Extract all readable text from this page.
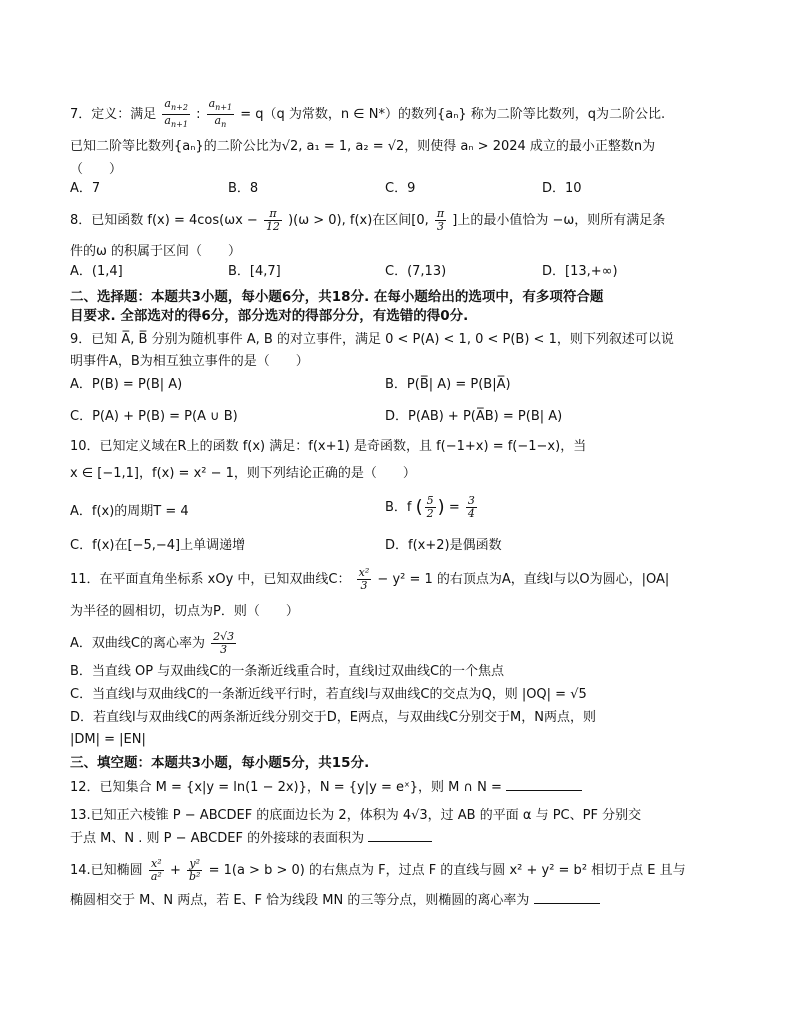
7．定义：满足 $\frac{a_{n+2}}{a_{n+1}}$ : $\frac{a_{n+1}}{a_n} = q(q$ 为常数，n ∈ N*）的数列{aₙ} 称为二阶等比数列，q为二阶公比.
已知二阶等比数列{aₙ}的二阶公比为√2, a₁ = 1, a₂ = √2，则使得 aₙ > 2024 成立的最小正整数n为
（　　）
A．7	B．8	C．9	D．10
8．已知函数 $f(x) = 4\cos(\omega x - \frac{\pi}{12} )(\omega > 0)$, f(x)在区间[0, $\frac{\pi}{3}$ ]上的最小值恰为 −ω，则所有满足条
件的ω 的积属于区间（　　）
A．(1,4]	B．[4,7]	C．(7,13)	D．[13,+∞)
二、选择题：本题共3小题，每小题6分，共18分. 在每小题给出的选项中，有多项符合题
目要求. 全部选对的得6分，部分选对的得部分分，有选错的得0分.
9．已知 A̅, B̅ 分别为随机事件 A, B 的对立事件，满足 0 < P(A) < 1, 0 < P(B) < 1，则下列叙述可以说
明事件A，B为相互独立事件的是（　　）
A．P(B) = P(B| A)	B．P(B̅| A) = P(B|A̅)
C．P(A) + P(B) = P(A ∪ B)	D．P(AB) + P(A̅B) = P(B| A)
10．已知定义域在R上的函数 f(x) 满足：f(x+1) 是奇函数，且 f(−1+x) = f(−1−x)，当
x ∈ [−1,1]，f(x) = x² − 1，则下列结论正确的是（　　）
A．f(x)的周期T = 4	B．f ( $\frac{5}{2}$ ) = $\frac{3}{4}$
C．f(x)在[−5,−4]上单调递增	D．f(x+2)是偶函数
11．在平面直角坐标系 xOy 中，已知双曲线C： $\frac{\text{x²}}{3} - y^2 = 1$ 的右顶点为A，直线l与以O为圆心，|OA|
为半径的圆相切，切点为P．则（　　）
A．双曲线C的离心率为 $\frac{2√3}{3}$
B．当直线 OP 与双曲线C的一条渐近线重合时，直线l过双曲线C的一个焦点
C．当直线l与双曲线C的一条渐近线平行时，若直线l与双曲线C的交点为Q，则 |OQ| = √5
D．若直线l与双曲线C的两条渐近线分别交于D，E两点，与双曲线C分别交于M，N两点，则
|DM| = |EN|
三、填空题：本题共3小题，每小题5分，共15分.
12．已知集合 M = {x|y = ln(1 − 2x)}，N = {y|y = eˣ}，则 M ∩ N =
13.已知正六棱锥 P − ABCDEF 的底面边长为 2，体积为 4√3，过 AB 的平面 α 与 PC、PF 分别交
于点 M、N . 则 P − ABCDEF 的外接球的表面积为
14.已知椭圆 $\frac{\text{x²}}{\text{a²}} + \frac{\text{y²}}{\text{b²}} = 1(a > b > 0)$ 的右焦点为 F，过点 F 的直线与圆 x² + y² = b² 相切于点 E 且与
椭圆相交于 M、N 两点，若 E、F 恰为线段 MN 的三等分点，则椭圆的离心率为
